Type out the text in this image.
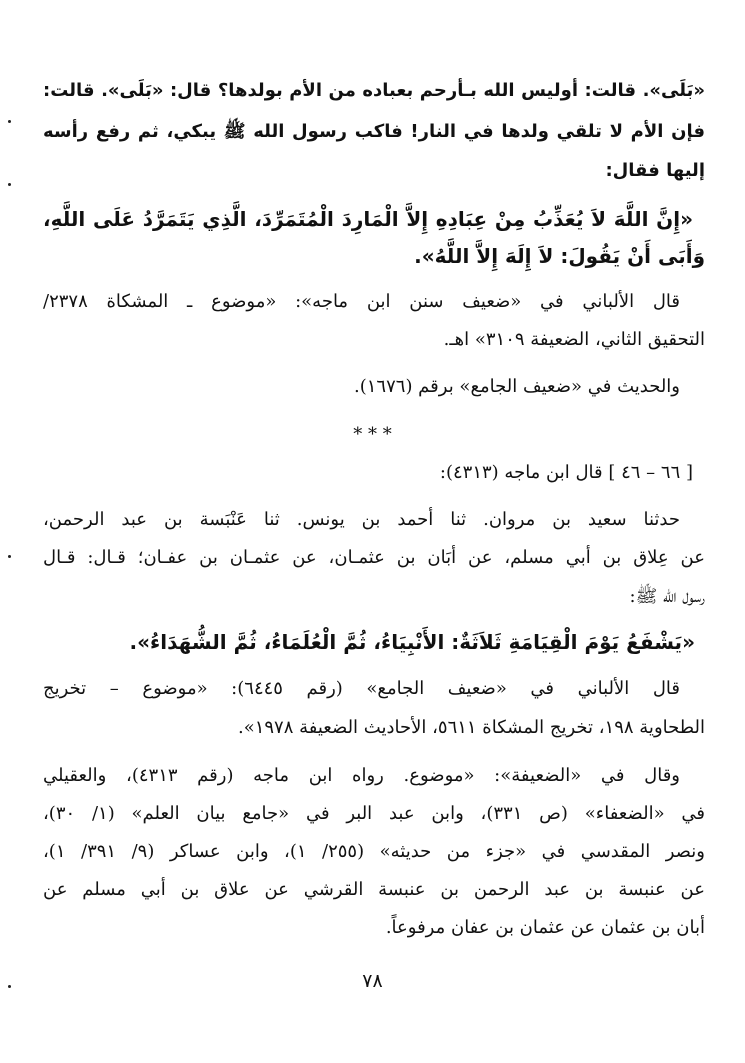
«بَلَى». قالت: أوليس الله بـأرحم بعباده من الأم بولدها؟ قال: «بَلَى». قالت:
فإن الأم لا تلقي ولدها في النار! فاكب رسول الله ﷺ يبكي، ثم رفع رأسه
إليها فقال:
«إِنَّ اللَّهَ لاَ يُعَذِّبُ مِنْ عِبَادِهِ إِلاَّ الْمَارِدَ الْمُتَمَرِّدَ، الَّذِي يَتَمَرَّدُ عَلَى اللَّهِ،
وَأَبَى أَنْ يَقُولَ: لاَ إِلَهَ إِلاَّ اللَّهُ».
قال الألباني في «ضعيف سنن ابن ماجه»: «موضوع ـ المشكاة ٢٣٧٨/
التحقيق الثاني، الضعيفة ٣١٠٩» اهـ.
والحديث في «ضعيف الجامع» برقم (١٦٧٦).
* * *
[ ٦٦ – ٤٦ ] قال ابن ماجه (٤٣١٣):
حدثنا سعيد بن مروان. ثنا أحمد بن يونس. ثنا عَنْبَسة بن عبد الرحمن،
عن عِلاق بن أبي مسلم، عن أبَان بن عثمـان، عن عثمـان بن عفـان؛ قـال: قـال
رسول الله ﷺ:
«يَشْفَعُ يَوْمَ الْقِيَامَةِ ثَلاَثَةٌ: الأَنْبِيَاءُ، ثُمَّ الْعُلَمَاءُ، ثُمَّ الشُّهَدَاءُ».
قال الألباني في «ضعيف الجامع» (رقم ٦٤٤٥): «موضوع – تخريج
الطحاوية ١٩٨، تخريج المشكاة ٥٦١١، الأحاديث الضعيفة ١٩٧٨».
وقال في «الضعيفة»: «موضوع. رواه ابن ماجه (رقم ٤٣١٣)، والعقيلي
في «الضعفاء» (ص ٣٣١)، وابن عبد البر في «جامع بيان العلم» (١/ ٣٠)،
ونصر المقدسي في «جزء من حديثه» (٢٥٥/ ١)، وابن عساكر (٩/ ٣٩١/ ١)،
عن عنبسة بن عبد الرحمن بن عنبسة القرشي عن علاق بن أبي مسلم عن
أبان بن عثمان عن عثمان بن عفان مرفوعاً.
٧٨
